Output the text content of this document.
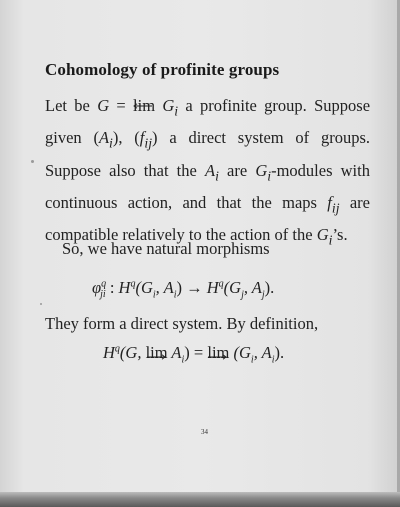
Cohomology of profinite groups
Let be $G = \lim G_i$ a profinite group. Suppose given $(A_i)$, $(f_{ij})$ a direct system of groups. Suppose also that the $A_i$ are $G_i$-modules with continuous action, and that the maps $f_{ij}$ are compatible relatively to the action of the $G_i’s$.
So, we have natural morphisms
$\varphi^q_{ji}$ : $H^q(G_i$, $A_i) \to H^q(G_j$, $A_j$).
They form a direct system. By definition,
$H^q(G$, lim
$A_i) = \lim$
($G_i$, $A_i$).
34
